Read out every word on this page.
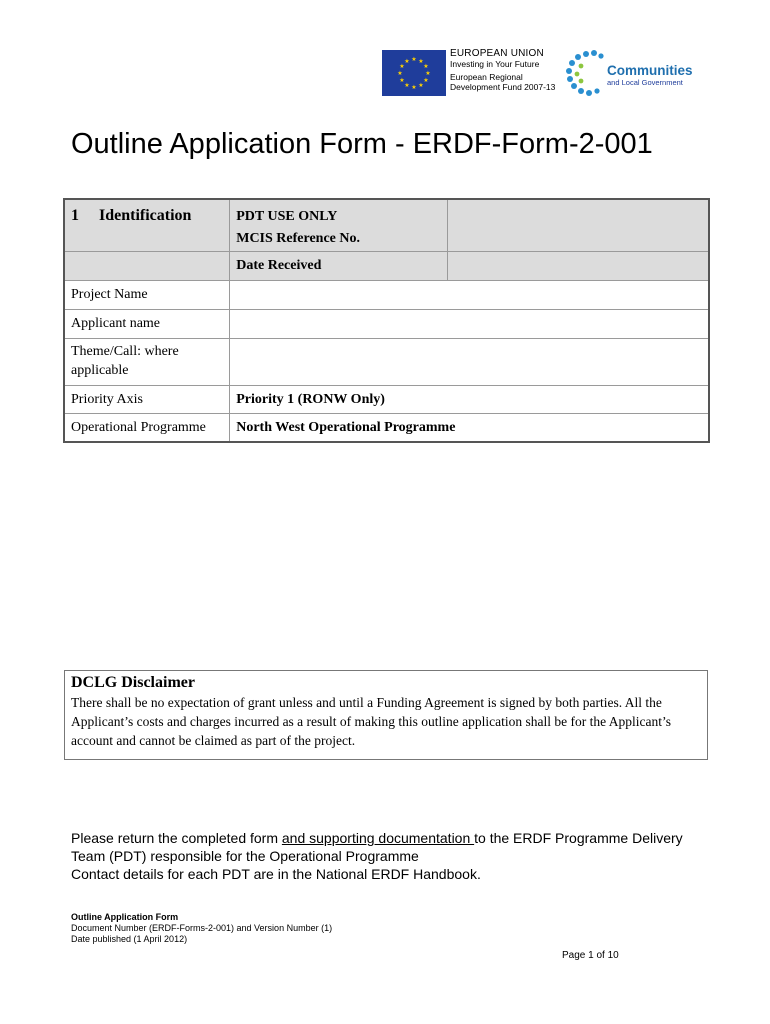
★ ★
★
★
★
★
★
★
★
★
★
★
EUROPEAN UNION
Investing in Your Future
European Regional
Development Fund 2007-13
Communities
and Local Government
Outline Application Form - ERDF-Form-2-001
1 Identification	PDT USE ONLY
MCIS Reference No.	

	Date Received	
Project Name		
Applicant name		
Theme/Call: where applicable		
Priority Axis	Priority 1 (RONW Only)	
Operational Programme	North West Operational Programme	
DCLG Disclaimer
There shall be no expectation of grant unless and until a Funding Agreement is signed by both parties. All the Applicant’s costs and charges incurred as a result of making this outline application shall be for the Applicant’s account and cannot be claimed as part of the project.
Please return the completed form and supporting documentation to the ERDF Programme Delivery Team (PDT) responsible for the Operational Programme
Contact details for each PDT are in the National ERDF Handbook.
Outline Application Form
Document Number (ERDF-Forms-2-001) and Version Number (1)
Date published (1 April 2012)
Page 1 of 10
